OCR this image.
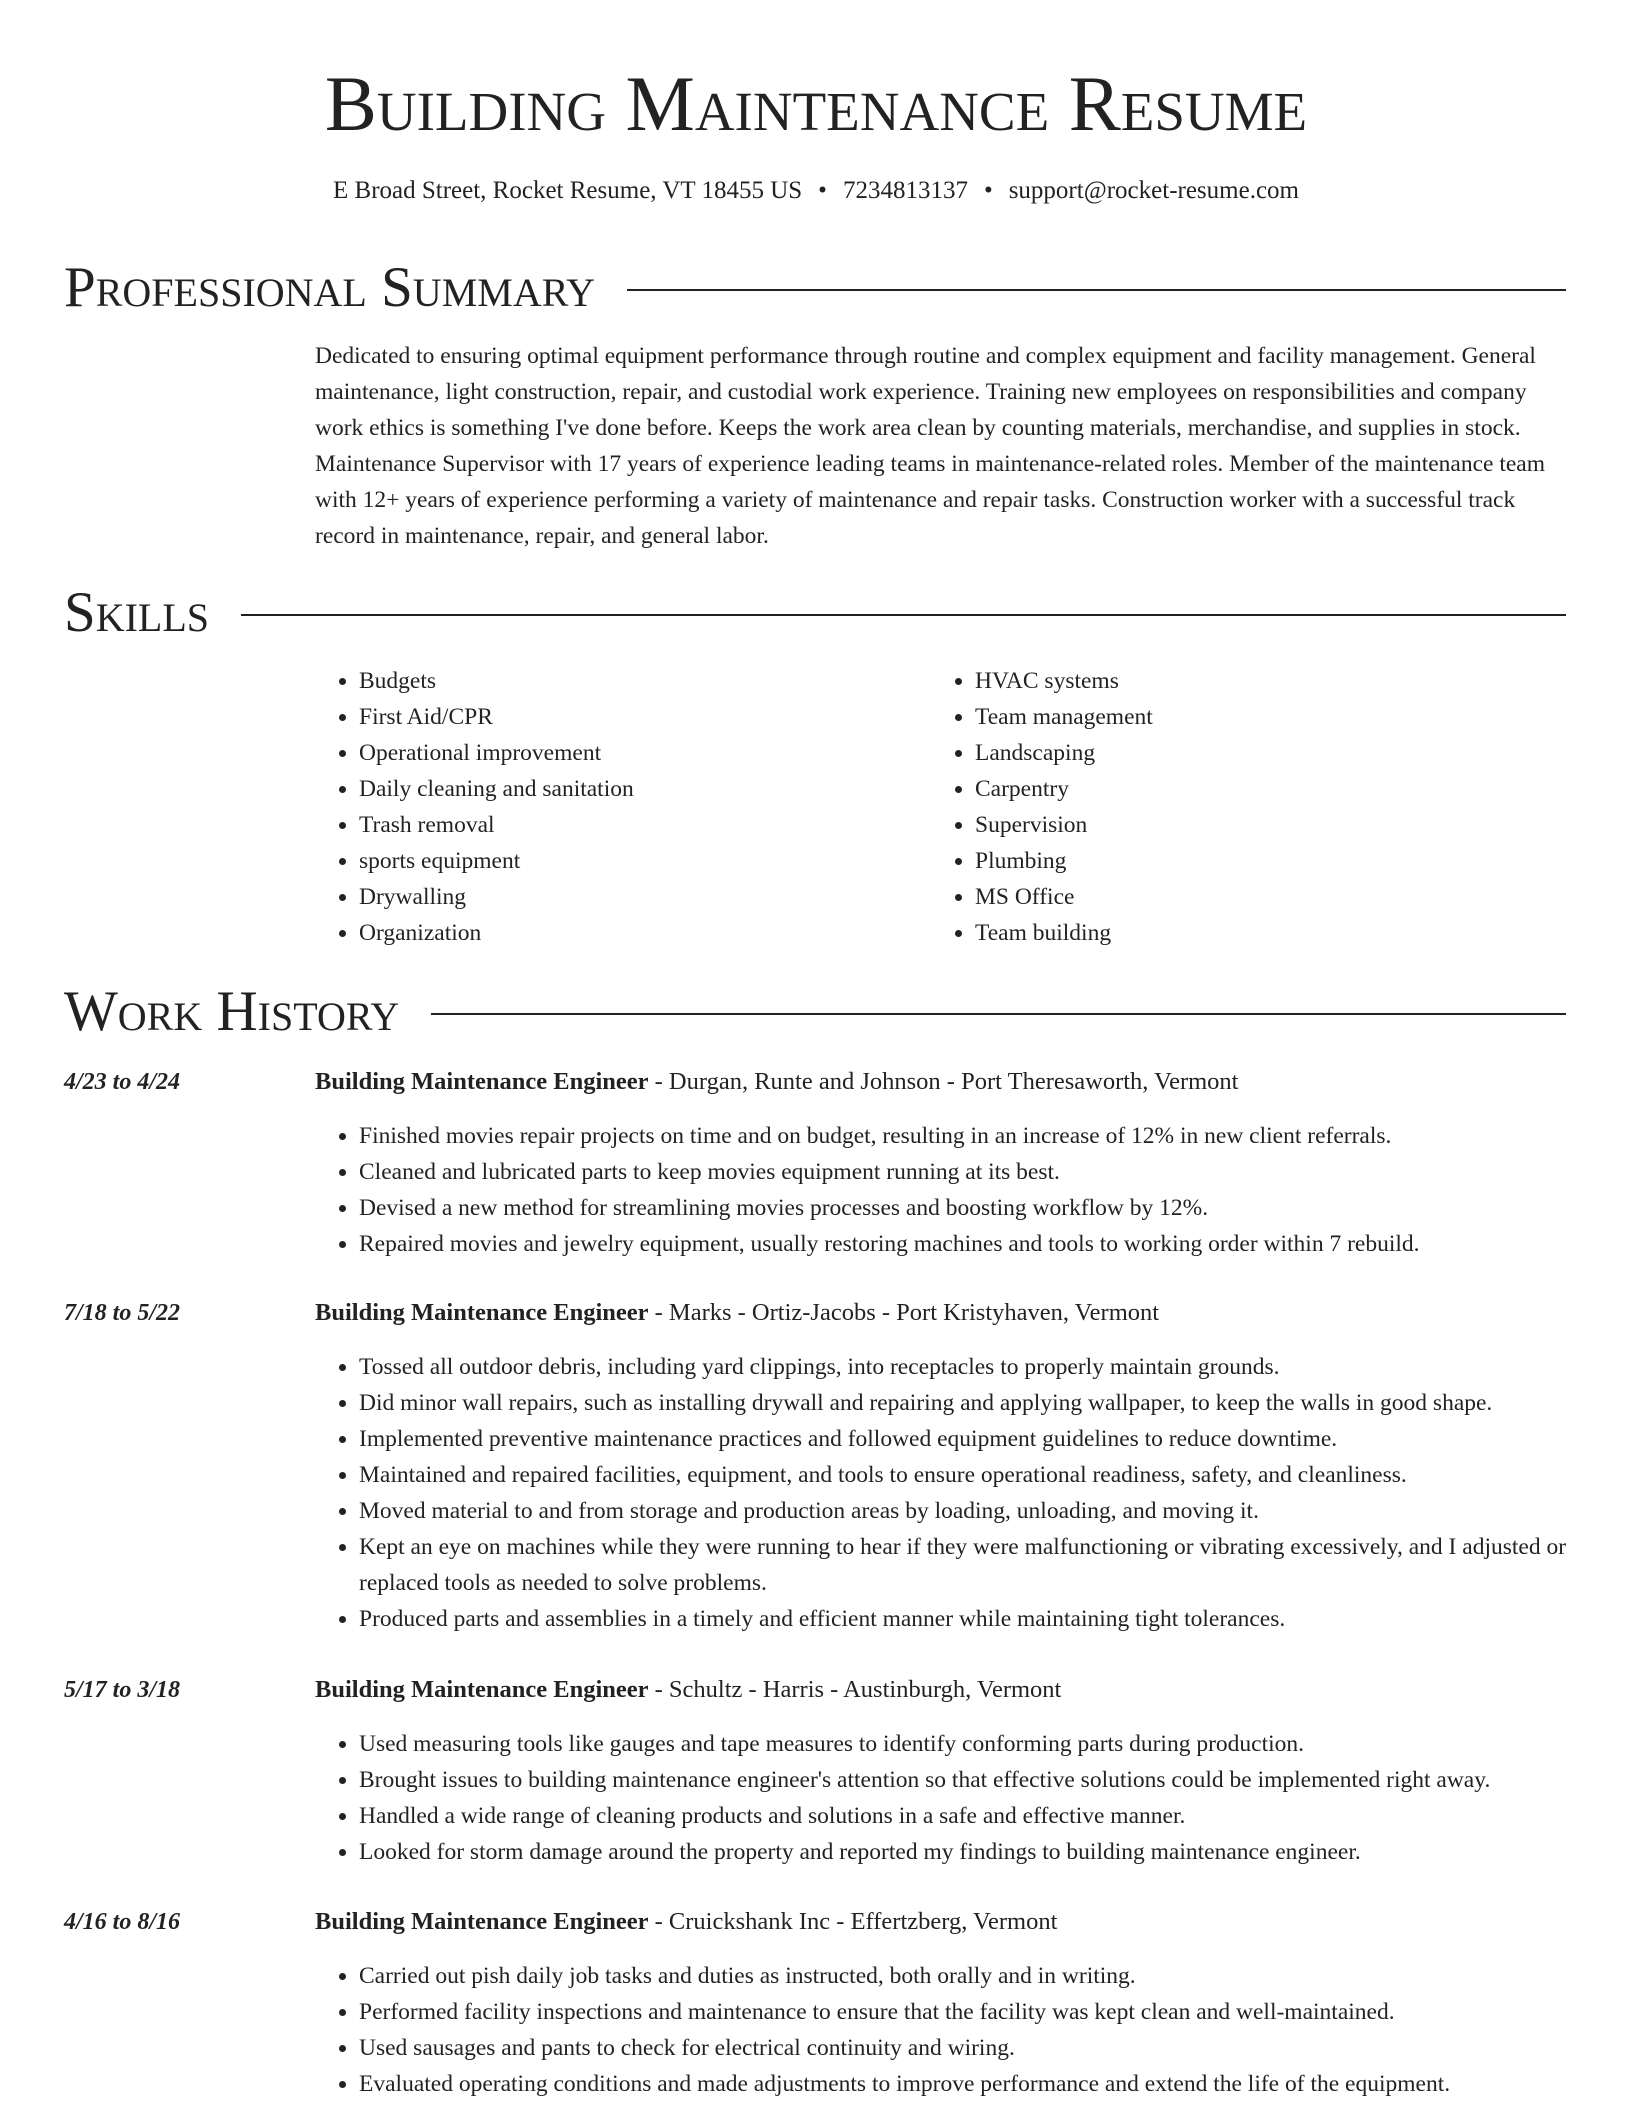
Building Maintenance Resume
E Broad Street, Rocket Resume, VT 18455 US • 7234813137 • support@rocket-resume.com
Professional Summary

Dedicated to ensuring optimal equipment performance through routine and complex equipment and facility management. General maintenance, light construction, repair, and custodial work experience. Training new employees on responsibilities and company work ethics is something I've done before. Keeps the work area clean by counting materials, merchandise, and supplies in stock. Maintenance Supervisor with 17 years of experience leading teams in maintenance-related roles. Member of the maintenance team with 12+ years of experience performing a variety of maintenance and repair tasks. Construction worker with a successful track record in maintenance, repair, and general labor.

Skills
• Budgets
• First Aid/CPR
• Operational improvement
• Daily cleaning and sanitation
• Trash removal
• sports equipment
• Drywalling
• Organization
• HVAC systems
• Team management
• Landscaping
• Carpentry
• Supervision
• Plumbing
• MS Office
• Team building
Work History
4/23 to 4/24	Building Maintenance Engineer - Durgan, Runte and Johnson - Port Theresaworth, Vermont
• Finished movies repair projects on time and on budget, resulting in an increase of 12% in new client referrals.
• Cleaned and lubricated parts to keep movies equipment running at its best.
• Devised a new method for streamlining movies processes and boosting workflow by 12%.
• Repaired movies and jewelry equipment, usually restoring machines and tools to working order within 7 rebuild.
7/18 to 5/22	Building Maintenance Engineer - Marks - Ortiz-Jacobs - Port Kristyhaven, Vermont
• Tossed all outdoor debris, including yard clippings, into receptacles to properly maintain grounds.
• Did minor wall repairs, such as installing drywall and repairing and applying wallpaper, to keep the walls in good shape.
• Implemented preventive maintenance practices and followed equipment guidelines to reduce downtime.
• Maintained and repaired facilities, equipment, and tools to ensure operational readiness, safety, and cleanliness.
• Moved material to and from storage and production areas by loading, unloading, and moving it.
• Kept an eye on machines while they were running to hear if they were malfunctioning or vibrating excessively, and I adjusted or replaced tools as needed to solve problems.
• Produced parts and assemblies in a timely and efficient manner while maintaining tight tolerances.
5/17 to 3/18	Building Maintenance Engineer - Schultz - Harris - Austinburgh, Vermont
• Used measuring tools like gauges and tape measures to identify conforming parts during production.
• Brought issues to building maintenance engineer's attention so that effective solutions could be implemented right away.
• Handled a wide range of cleaning products and solutions in a safe and effective manner.
• Looked for storm damage around the property and reported my findings to building maintenance engineer.
4/16 to 8/16	Building Maintenance Engineer - Cruickshank Inc - Effertzberg, Vermont
• Carried out pish daily job tasks and duties as instructed, both orally and in writing.
• Performed facility inspections and maintenance to ensure that the facility was kept clean and well-maintained.
• Used sausages and pants to check for electrical continuity and wiring.
• Evaluated operating conditions and made adjustments to improve performance and extend the life of the equipment.
